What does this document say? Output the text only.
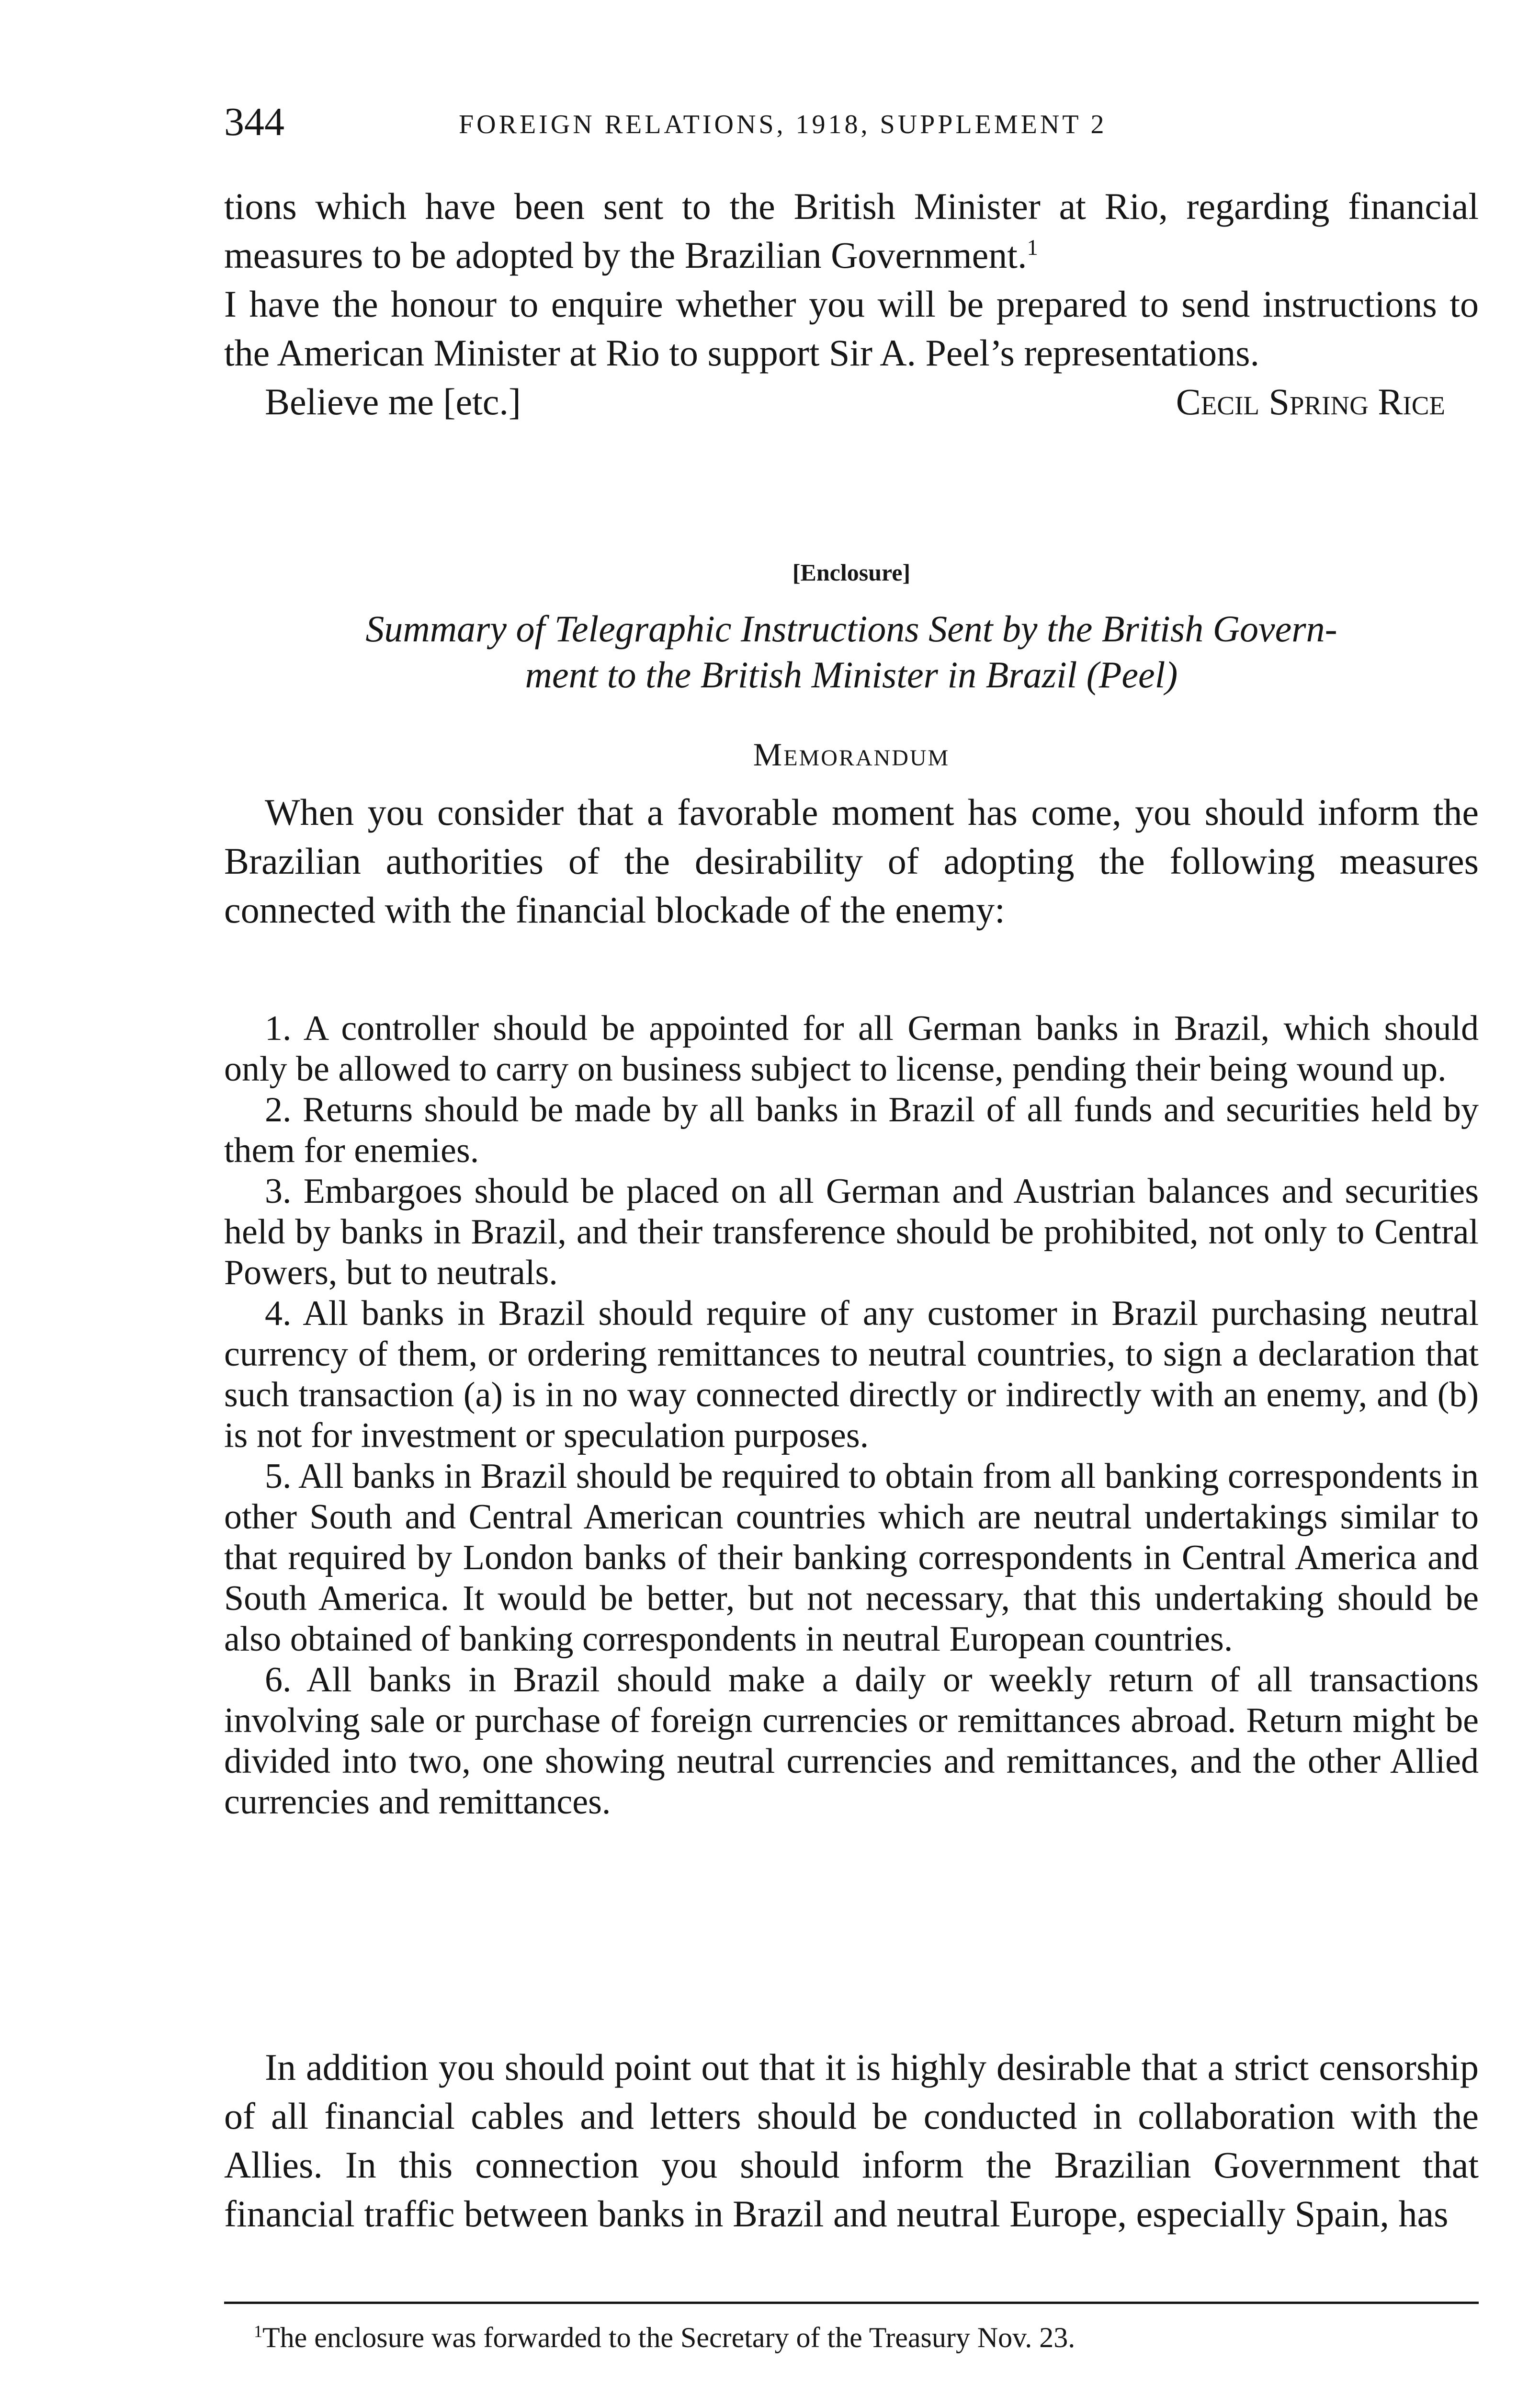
344	FOREIGN RELATIONS, 1918, SUPPLEMENT 2

tions which have been sent to the British Minister at Rio, regarding financial measures to be adopted by the Brazilian Government.$^1$

I have the honour to enquire whether you will be prepared to send instructions to the American Minister at Rio to support Sir A. Peel’s representations.

Believe me [etc.]	Cecil Spring Rice
[Enclosure]
Summary of Telegraphic Instructions Sent by the British Govern-
ment to the British Minister in Brazil (Peel)
Memorandum

When you consider that a favorable moment has come, you should inform the Brazilian authorities of the desirability of adopting the following measures connected with the financial blockade of the enemy:

1. A controller should be appointed for all German banks in Brazil, which should only be allowed to carry on business subject to license, pending their being wound up.

2. Returns should be made by all banks in Brazil of all funds and securities held by them for enemies.

3. Embargoes should be placed on all German and Austrian balances and securities held by banks in Brazil, and their transference should be prohibited, not only to Central Powers, but to neutrals.

4. All banks in Brazil should require of any customer in Brazil purchasing neutral currency of them, or ordering remittances to neutral countries, to sign a declaration that such transaction (a) is in no way connected directly or indirectly with an enemy, and (b) is not for investment or speculation purposes.

5. All banks in Brazil should be required to obtain from all banking correspondents in other South and Central American countries which are neutral undertakings similar to that required by London banks of their banking correspondents in Central America and South America. It would be better, but not necessary, that this undertaking should be also obtained of banking correspondents in neutral European countries.

6. All banks in Brazil should make a daily or weekly return of all transactions involving sale or purchase of foreign currencies or remittances abroad. Return might be divided into two, one showing neutral currencies and remittances, and the other Allied currencies and remittances.

In addition you should point out that it is highly desirable that a strict censorship of all financial cables and letters should be conducted in collaboration with the Allies. In this connection you should inform the Brazilian Government that financial traffic between banks in Brazil and neutral Europe, especially Spain, has

$^1$The enclosure was forwarded to the Secretary of the Treasury Nov. 23.
